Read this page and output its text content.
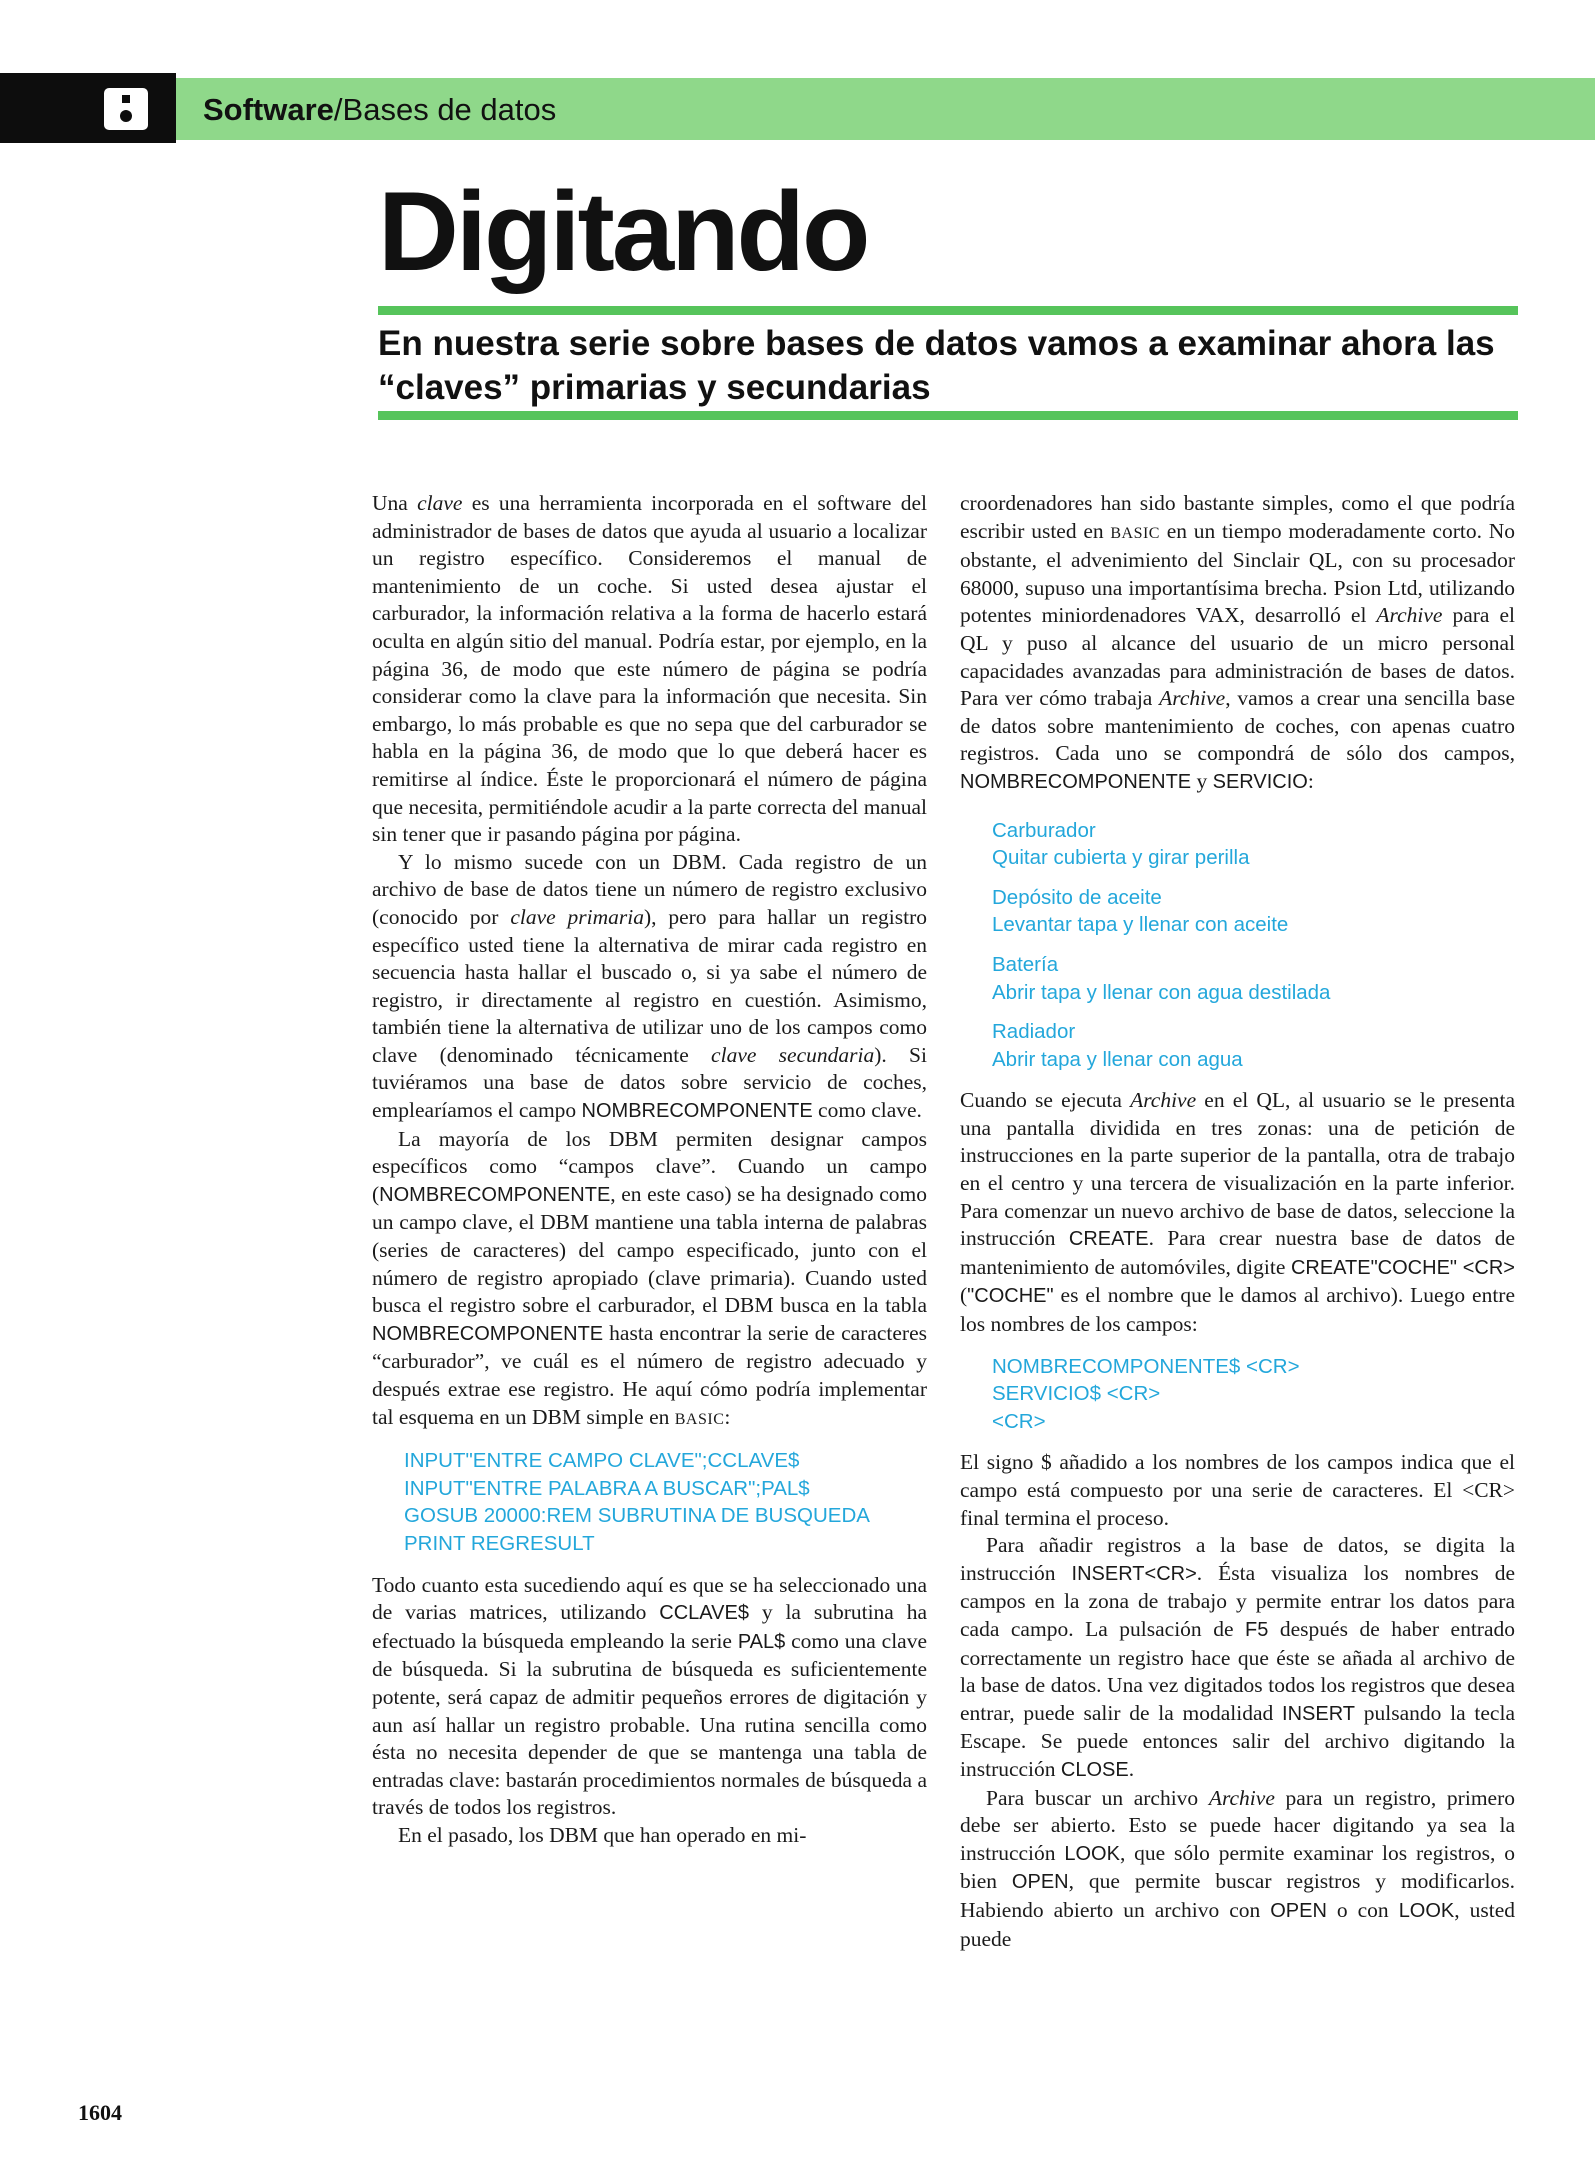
Software/Bases de datos
Digitando

En nuestra serie sobre bases de datos vamos a examinar ahora las “claves” primarias y secundarias

Una clave es una herramienta incorporada en el software del administrador de bases de datos que ayuda al usuario a localizar un registro específico. Consideremos el manual de mantenimiento de un coche. Si usted desea ajustar el carburador, la información relativa a la forma de hacerlo estará oculta en algún sitio del manual. Podría estar, por ejemplo, en la página 36, de modo que este número de página se podría considerar como la clave para la información que necesita. Sin embargo, lo más probable es que no sepa que del carburador se habla en la página 36, de modo que lo que deberá hacer es remitirse al índice. Éste le proporcionará el número de página que necesita, permitiéndole acudir a la parte correcta del manual sin tener que ir pasando página por página.

Y lo mismo sucede con un DBM. Cada registro de un archivo de base de datos tiene un número de registro exclusivo (conocido por clave primaria), pero para hallar un registro específico usted tiene la alternativa de mirar cada registro en secuencia hasta hallar el buscado o, si ya sabe el número de registro, ir directamente al registro en cuestión. Asimismo, también tiene la alternativa de utilizar uno de los campos como clave (denominado técnicamente clave secundaria). Si tuviéramos una base de datos sobre servicio de coches, emplearíamos el campo NOMBRECOMPONENTE como clave.

La mayoría de los DBM permiten designar campos específicos como “campos clave”. Cuando un campo (NOMBRECOMPONENTE, en este caso) se ha designado como un campo clave, el DBM mantiene una tabla interna de palabras (series de caracteres) del campo especificado, junto con el número de registro apropiado (clave primaria). Cuando usted busca el registro sobre el carburador, el DBM busca en la tabla NOMBRECOMPONENTE hasta encontrar la serie de caracteres “carburador”, ve cuál es el número de registro adecuado y después extrae ese registro. He aquí cómo podría implementar tal esquema en un DBM simple en BASIC:

INPUT"ENTRE CAMPO CLAVE";CCLAVE$
INPUT"ENTRE PALABRA A BUSCAR";PAL$
GOSUB 20000:REM SUBRUTINA DE BUSQUEDA
PRINT REGRESULT

Todo cuanto esta sucediendo aquí es que se ha seleccionado una de varias matrices, utilizando CCLAVE$ y la subrutina ha efectuado la búsqueda empleando la serie PAL$ como una clave de búsqueda. Si la subrutina de búsqueda es suficientemente potente, será capaz de admitir pequeños errores de digitación y aun así hallar un registro probable. Una rutina sencilla como ésta no necesita depender de que se mantenga una tabla de entradas clave: bastarán procedimientos normales de búsqueda a través de todos los registros.

En el pasado, los DBM que han operado en mi-

croordenadores han sido bastante simples, como el que podría escribir usted en BASIC en un tiempo moderadamente corto. No obstante, el advenimiento del Sinclair QL, con su procesador 68000, supuso una importantísima brecha. Psion Ltd, utilizando potentes miniordenadores VAX, desarrolló el Archive para el QL y puso al alcance del usuario de un micro personal capacidades avanzadas para administración de bases de datos. Para ver cómo trabaja Archive, vamos a crear una sencilla base de datos sobre mantenimiento de coches, con apenas cuatro registros. Cada uno se compondrá de sólo dos campos, NOMBRECOMPONENTE y SERVICIO:

Carburador
Quitar cubierta y girar perilla
Depósito de aceite
Levantar tapa y llenar con aceite
Batería
Abrir tapa y llenar con agua destilada
Radiador
Abrir tapa y llenar con agua

Cuando se ejecuta Archive en el QL, al usuario se le presenta una pantalla dividida en tres zonas: una de petición de instrucciones en la parte superior de la pantalla, otra de trabajo en el centro y una tercera de visualización en la parte inferior. Para comenzar un nuevo archivo de base de datos, seleccione la instrucción CREATE. Para crear nuestra base de datos de mantenimiento de automóviles, digite CREATE"COCHE" <CR> ("COCHE" es el nombre que le damos al archivo). Luego entre los nombres de los campos:

NOMBRECOMPONENTE$ <CR>
SERVICIO$ <CR>
<CR>

El signo $ añadido a los nombres de los campos indica que el campo está compuesto por una serie de caracteres. El <CR> final termina el proceso.

Para añadir registros a la base de datos, se digita la instrucción INSERT<CR>. Ésta visualiza los nombres de campos en la zona de trabajo y permite entrar los datos para cada campo. La pulsación de F5 después de haber entrado correctamente un registro hace que éste se añada al archivo de la base de datos. Una vez digitados todos los registros que desea entrar, puede salir de la modalidad INSERT pulsando la tecla Escape. Se puede entonces salir del archivo digitando la instrucción CLOSE.

Para buscar un archivo Archive para un registro, primero debe ser abierto. Esto se puede hacer digitando ya sea la instrucción LOOK, que sólo permite examinar los registros, o bien OPEN, que permite buscar registros y modificarlos. Habiendo abierto un archivo con OPEN o con LOOK, usted puede

1604
